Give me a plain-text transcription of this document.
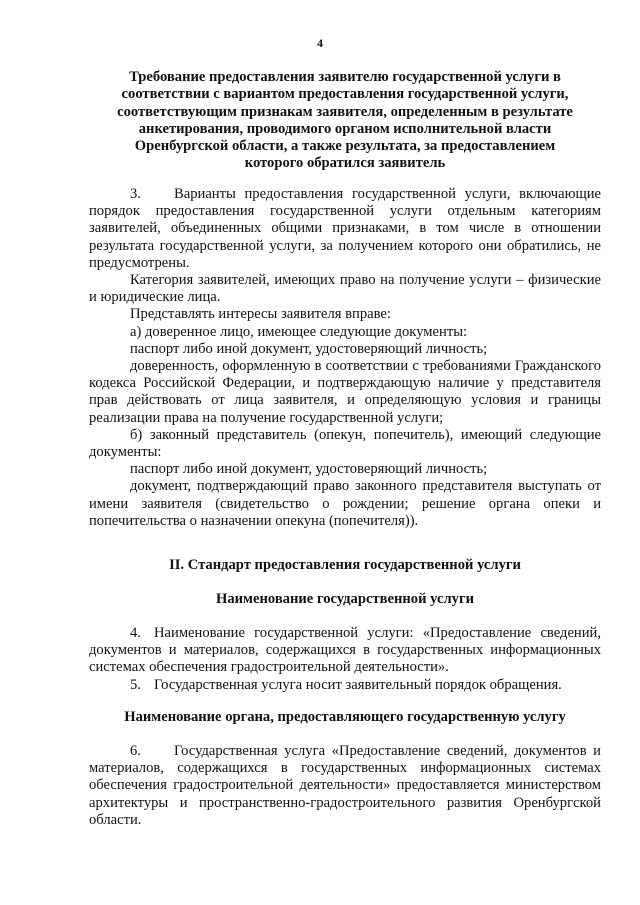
4
Требование предоставления заявителю государственной услуги в
соответствии с вариантом предоставления государственной услуги,
соответствующим признакам заявителя, определенным в результате
анкетирования, проводимого органом исполнительной власти
Оренбургской области, а также результата, за предоставлением
которого обратился заявитель

3. Варианты предоставления государственной услуги, включающие порядок предоставления государственной услуги отдельным категориям заявителей, объединенных общими признаками, в том числе в отношении результата государственной услуги, за получением которого они обратились, не предусмотрены.

Категория заявителей, имеющих право на получение услуги – физические и юридические лица.

Представлять интересы заявителя вправе:

а) доверенное лицо, имеющее следующие документы:

паспорт либо иной документ, удостоверяющий личность;

доверенность, оформленную в соответствии с требованиями Гражданского кодекса Российской Федерации, и подтверждающую наличие у представителя прав действовать от лица заявителя, и определяющую условия и границы реализации права на получение государственной услуги;

б) законный представитель (опекун, попечитель), имеющий следующие документы:

паспорт либо иной документ, удостоверяющий личность;

документ, подтверждающий право законного представителя выступать от имени заявителя (свидетельство о рождении; решение органа опеки и попечительства о назначении опекуна (попечителя)).

II. Стандарт предоставления государственной услуги
Наименование государственной услуги

4. Наименование государственной услуги: «Предоставление сведений, документов и материалов, содержащихся в государственных информационных системах обеспечения градостроительной деятельности».

5. Государственная услуга носит заявительный порядок обращения.

Наименование органа, предоставляющего государственную услугу

6. Государственная услуга «Предоставление сведений, документов и материалов, содержащихся в государственных информационных системах обеспечения градостроительной деятельности» предоставляется министерством архитектуры и пространственно-градостроительного развития Оренбургской области.
